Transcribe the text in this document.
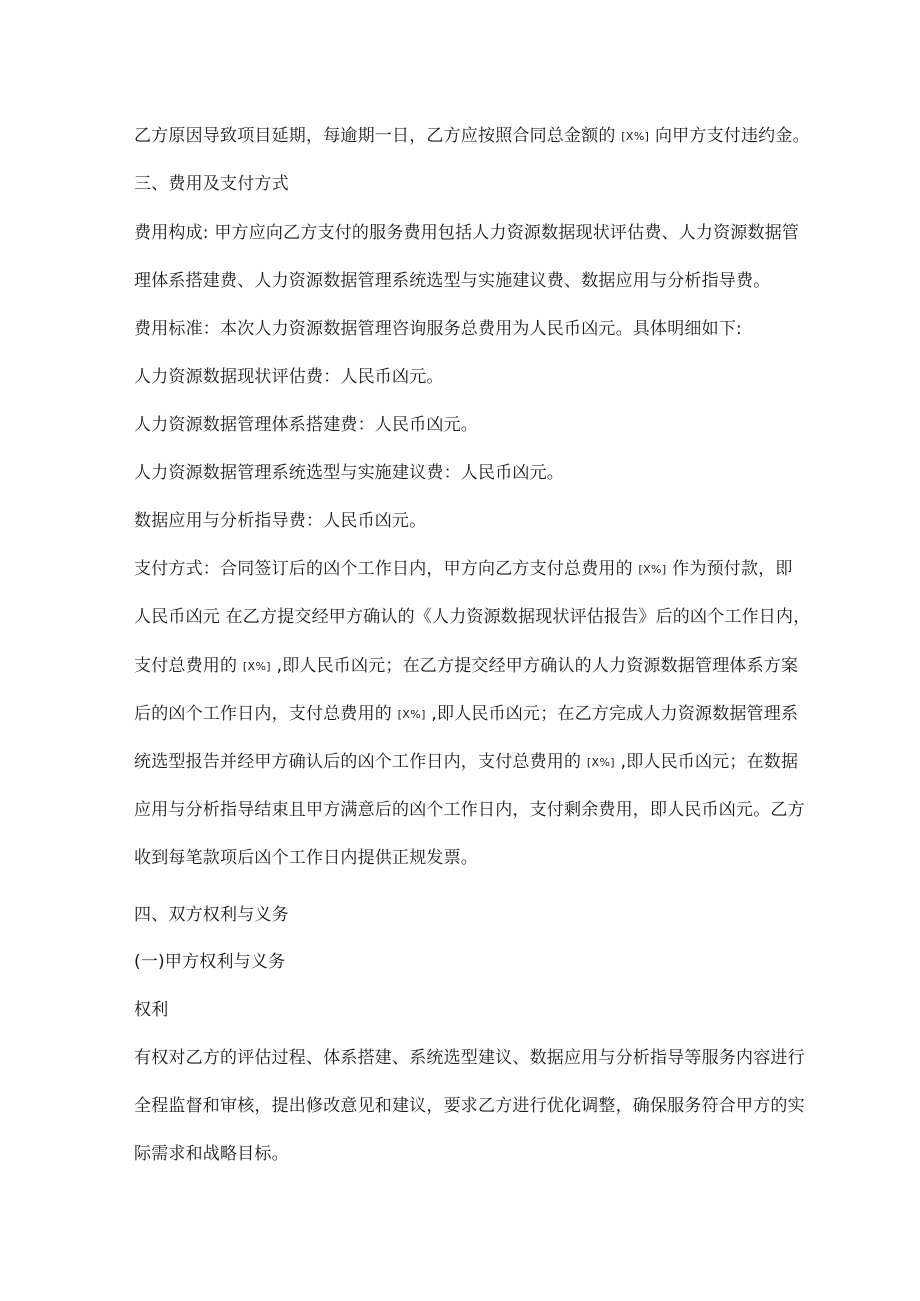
乙方原因导致项目延期，每逾期一日，乙方应按照合同总金额的 [X%] 向甲方支付违约金。

三、费用及支付方式

费用构成: 甲方应向乙方支付的服务费用包括人力资源数据现状评估费、人力资源数据管

理体系搭建费、人力资源数据管理系统选型与实施建议费、数据应用与分析指导费。

费用标准：本次人力资源数据管理咨询服务总费用为人民币凶元。具体明细如下:

人力资源数据现状评估费：人民币凶元。

人力资源数据管理体系搭建费：人民币凶元。

人力资源数据管理系统选型与实施建议费：人民币凶元。

数据应用与分析指导费：人民币凶元。

支付方式：合同签订后的凶个工作日内，甲方向乙方支付总费用的 [X%] 作为预付款，即

人民币凶元 在乙方提交经甲方确认的《人力资源数据现状评估报告》后的凶个工作日内，

支付总费用的 [X%] ,即人民币凶元；在乙方提交经甲方确认的人力资源数据管理体系方案

后的凶个工作日内，支付总费用的 [X%] ,即人民币凶元；在乙方完成人力资源数据管理系

统选型报告并经甲方确认后的凶个工作日内，支付总费用的 [X%] ,即人民币凶元；在数据

应用与分析指导结束且甲方满意后的凶个工作日内，支付剩余费用，即人民币凶元。乙方

收到每笔款项后凶个工作日内提供正规发票。

四、双方权利与义务

(一)甲方权利与义务

权利

有权对乙方的评估过程、体系搭建、系统选型建议、数据应用与分析指导等服务内容进行

全程监督和审核，提出修改意见和建议，要求乙方进行优化调整，确保服务符合甲方的实

际需求和战略目标。
